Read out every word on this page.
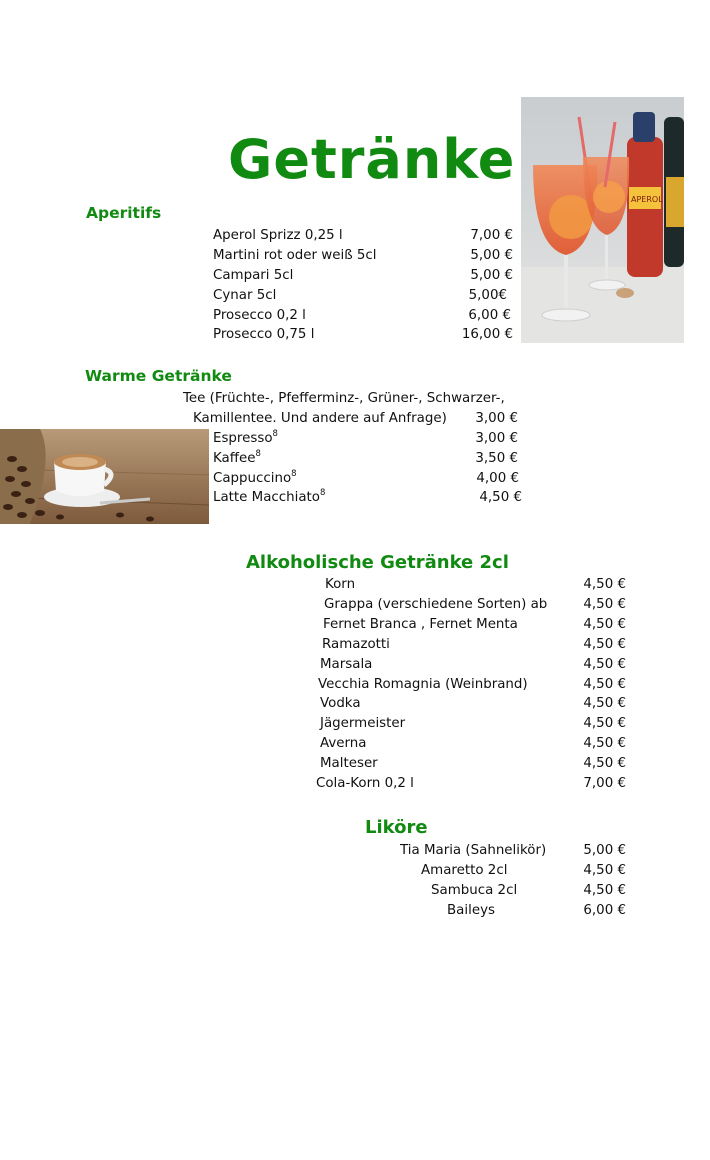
Getränke
APEROL
Aperitifs
Aperol Sprizz 0,25 l	7,00 €
Martini rot oder weiß 5cl	5,00 €
Campari 5cl	5,00 €
Cynar 5cl	5,00€
Prosecco 0,2 l	6,00 €
Prosecco 0,75 l	16,00 €
Warme Getränke
Tee (Früchte-, Pfefferminz-, Grüner-, Schwarzer-,
Kamillentee. Und andere auf Anfrage) 3,00 €
Espresso$^8$	3,00 €
Kaffee$^8$	3,50 €
Cappuccino$^8$	4,00 €
Latte Macchiato$^8$	4,50 €
Alkoholische Getränke 2cl
Korn	4,50 €
Grappa (verschiedene Sorten) ab	4,50 €
Fernet Branca , Fernet Menta	4,50 €
Ramazotti	4,50 €
Marsala	4,50 €
Vecchia Romagnia (Weinbrand)	4,50 €
Vodka	4,50 €
Jägermeister	4,50 €
Averna	4,50 €
Malteser	4,50 €
Cola-Korn 0,2 l	7,00 €
Liköre
Tia Maria (Sahnelikör)	5,00 €
Amaretto 2cl	4,50 €
Sambuca 2cl	4,50 €
Baileys	6,00 €
